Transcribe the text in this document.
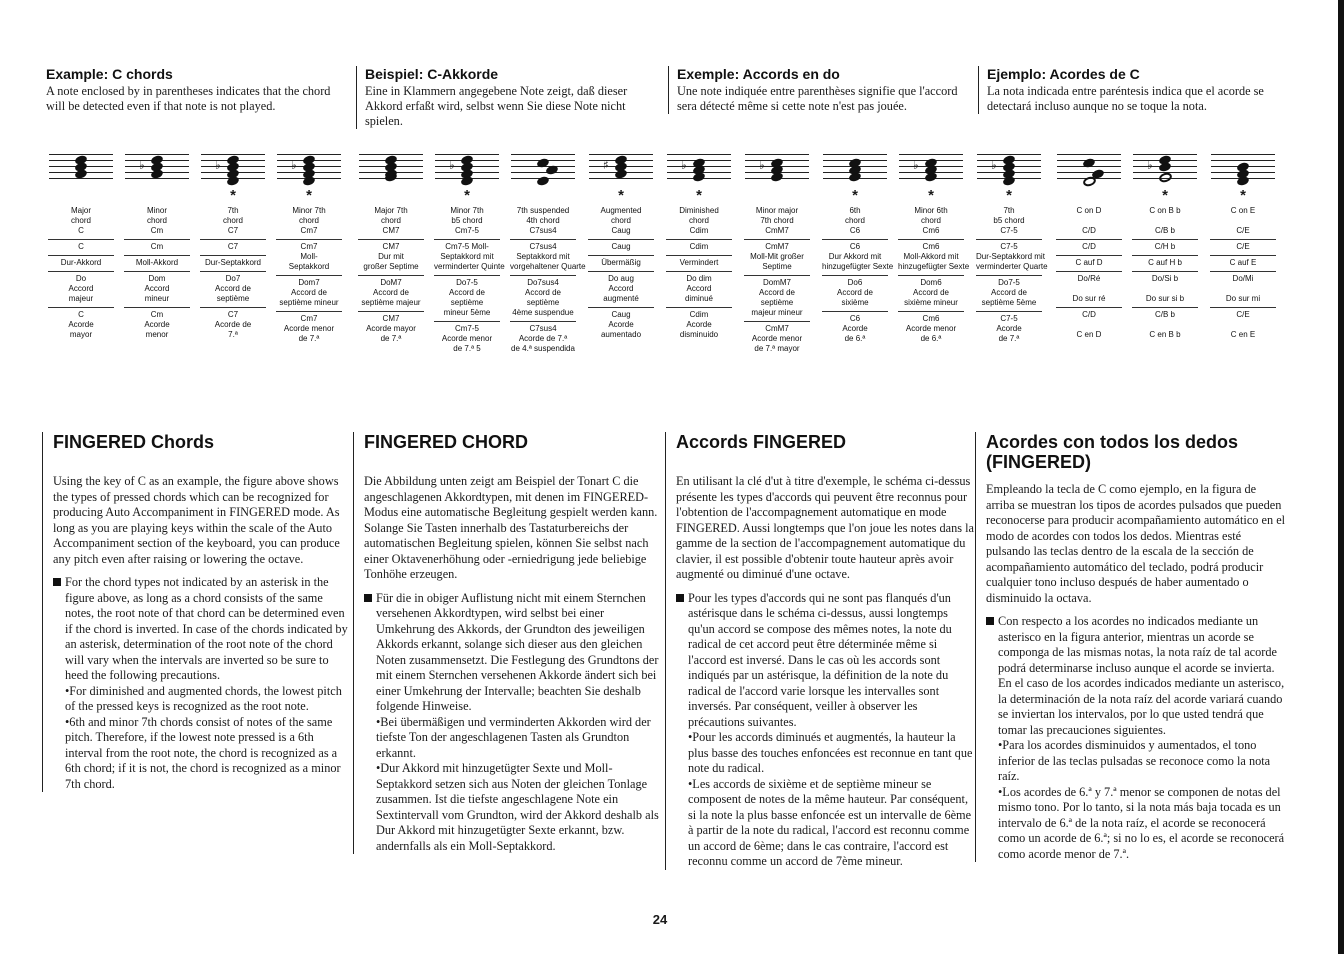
Example: C chords

A note enclosed by in parentheses indicates that the chord will be detected even if that note is not played.

Beispiel: C-Akkorde

Eine in Klammern angegebene Note zeigt, daß dieser Akkord erfaßt wird, selbst wenn Sie diese Note nicht spielen.

Exemple: Accords en do

Une note indiquée entre parenthèses signifie que l'accord sera détecté même si cette note n'est pas jouée.

Ejemplo: Acordes de C

La nota indicada entre paréntesis indica que el acorde se detectará incluso aunque no se toque la nota.

Major
chord
C
C
Dur-Akkord
Do
Accord
majeur
C
Acorde
mayor
♭
Minor
chord
Cm
Cm
Moll-Akkord
Dom
Accord
mineur
Cm
Acorde
menor
♭
*
7th
chord
C7
C7
Dur-Septakkord
Do7
Accord de
septième
C7
Acorde de
7.ª
♭
*
Minor 7th
chord
Cm7
Cm7
Moll-
Septakkord
Dom7
Accord de
septième mineur
Cm7
Acorde menor
de 7.ª
Major 7th
chord
CM7
CM7
Dur mit
großer Septime
DoM7
Accord de
septième majeur
CM7
Acorde mayor
de 7.ª
♭
*
Minor 7th
b5 chord
Cm7-5
Cm7-5 Moll-
Septakkord mit
verminderter Quinte
Do7-5
Accord de
septième
mineur 5ème
Cm7-5
Acorde menor
de 7.ª 5
7th suspended
4th chord
C7sus4
C7sus4
Septakkord mit
vorgehaltener Quarte
Do7sus4
Accord de
septième
4ème suspendue
C7sus4
Acorde de 7.ª
de 4.ª suspendida
♯
*
Augmented
chord
Caug
Caug
Übermäßig
Do aug
Accord
augmenté
Caug
Acorde
aumentado
♭
*
Diminished
chord
Cdim
Cdim
Vermindert
Do dim
Accord
diminué
Cdim
Acorde
disminuido
♭
Minor major
7th chord
CmM7
CmM7
Moll-Mit großer
Septime
DomM7
Accord de
septième
majeur mineur
CmM7
Acorde menor
de 7.ª mayor
*
6th
chord
C6
C6
Dur Akkord mit
hinzugefügter Sexte
Do6
Accord de
sixième
C6
Acorde
de 6.ª
♭
*
Minor 6th
chord
Cm6
Cm6
Moll-Akkord mit
hinzugefügter Sexte
Dom6
Accord de
sixième mineur
Cm6
Acorde menor
de 6.ª
♭
*
7th
b5 chord
C7-5
C7-5
Dur-Septakkord mit
verminderter Quarte
Do7-5
Accord de
septième 5ème
C7-5
Acorde
de 7.ª
C on D

C/D
C/D
C auf D
Do/Ré

Do sur ré
C/D

C en D
♭
*
C on B b

C/B b
C/H b
C auf H b
Do/Si b

Do sur si b
C/B b

C en B b
*
C on E

C/E
C/E
C auf E
Do/Mi

Do sur mi
C/E

C en E
FINGERED Chords

Using the key of C as an example, the figure above shows the types of pressed chords which can be recognized for producing Auto Accompaniment in FINGERED mode. As long as you are playing keys within the scale of the Auto Accompaniment section of the keyboard, you can produce any pitch even after raising or lowering the octave.

For the chord types not indicated by an asterisk in the figure above, as long as a chord consists of the same notes, the root note of that chord can be determined even if the chord is inverted. In case of the chords indicated by an asterisk, determination of the root note of the chord will vary when the intervals are inverted so be sure to heed the following precautions.

•For diminished and augmented chords, the lowest pitch of the pressed keys is recognized as the root note.

•6th and minor 7th chords consist of notes of the same pitch. Therefore, if the lowest note pressed is a 6th interval from the root note, the chord is recognized as a 6th chord; if it is not, the chord is recognized as a minor 7th chord.

FINGERED CHORD

Die Abbildung unten zeigt am Beispiel der Tonart C die angeschlagenen Akkordtypen, mit denen im FINGERED-Modus eine automatische Begleitung gespielt werden kann. Solange Sie Tasten innerhalb des Tastaturbereichs der automatischen Begleitung spielen, können Sie selbst nach einer Oktavenerhöhung oder -erniedrigung jede beliebige Tonhöhe erzeugen.

Für die in obiger Auflistung nicht mit einem Sternchen versehenen Akkordtypen, wird selbst bei einer Umkehrung des Akkords, der Grundton des jeweiligen Akkords erkannt, solange sich dieser aus den gleichen Noten zusammensetzt. Die Festlegung des Grundtons der mit einem Sternchen versehenen Akkorde ändert sich bei einer Umkehrung der Intervalle; beachten Sie deshalb folgende Hinweise.

•Bei übermäßigen und verminderten Akkorden wird der tiefste Ton der angeschlagenen Tasten als Grundton erkannt.

•Dur Akkord mit hinzugetügter Sexte und Moll-Septakkord setzen sich aus Noten der gleichen Tonlage zusammen. Ist die tiefste angeschlagene Note ein Sextintervall vom Grundton, wird der Akkord deshalb als Dur Akkord mit hinzugetügter Sexte erkannt, bzw. andernfalls als ein Moll-Septakkord.

Accords FINGERED

En utilisant la clé d'ut à titre d'exemple, le schéma ci-dessus présente les types d'accords qui peuvent être reconnus pour l'obtention de l'accompagnement automatique en mode FINGERED. Aussi longtemps que l'on joue les notes dans la gamme de la section de l'accompagnement automatique du clavier, il est possible d'obtenir toute hauteur après avoir augmenté ou diminué d'une octave.

Pour les types d'accords qui ne sont pas flanqués d'un astérisque dans le schéma ci-dessus, aussi longtemps qu'un accord se compose des mêmes notes, la note du radical de cet accord peut être déterminée même si l'accord est inversé. Dans le cas où les accords sont indiqués par un astérisque, la définition de la note du radical de l'accord varie lorsque les intervalles sont inversés. Par conséquent, veiller à observer les précautions suivantes.

•Pour les accords diminués et augmentés, la hauteur la plus basse des touches enfoncées est reconnue en tant que note du radical.

•Les accords de sixième et de septième mineur se composent de notes de la même hauteur. Par conséquent, si la note la plus basse enfoncée est un intervalle de 6ème à partir de la note du radical, l'accord est reconnu comme un accord de 6ème; dans le cas contraire, l'accord est reconnu comme un accord de 7ème mineur.

Acordes con todos los dedos (FINGERED)

Empleando la tecla de C como ejemplo, en la figura de arriba se muestran los tipos de acordes pulsados que pueden reconocerse para producir acompañamiento automático en el modo de acordes con todos los dedos. Mientras esté pulsando las teclas dentro de la escala de la sección de acompañamiento automático del teclado, podrá producir cualquier tono incluso después de haber aumentado o disminuido la octava.

Con respecto a los acordes no indicados mediante un asterisco en la figura anterior, mientras un acorde se componga de las mismas notas, la nota raíz de tal acorde podrá determinarse incluso aunque el acorde se invierta. En el caso de los acordes indicados mediante un asterisco, la determinación de la nota raíz del acorde variará cuando se inviertan los intervalos, por lo que usted tendrá que tomar las precauciones siguientes.

•Para los acordes disminuidos y aumentados, el tono inferior de las teclas pulsadas se reconoce como la nota raíz.

•Los acordes de 6.ª y 7.ª menor se componen de notas del mismo tono. Por lo tanto, si la nota más baja tocada es un intervalo de 6.ª de la nota raíz, el acorde se reconocerá como un acorde de 6.ª; si no lo es, el acorde se reconocerá como acorde menor de 7.ª.

24
